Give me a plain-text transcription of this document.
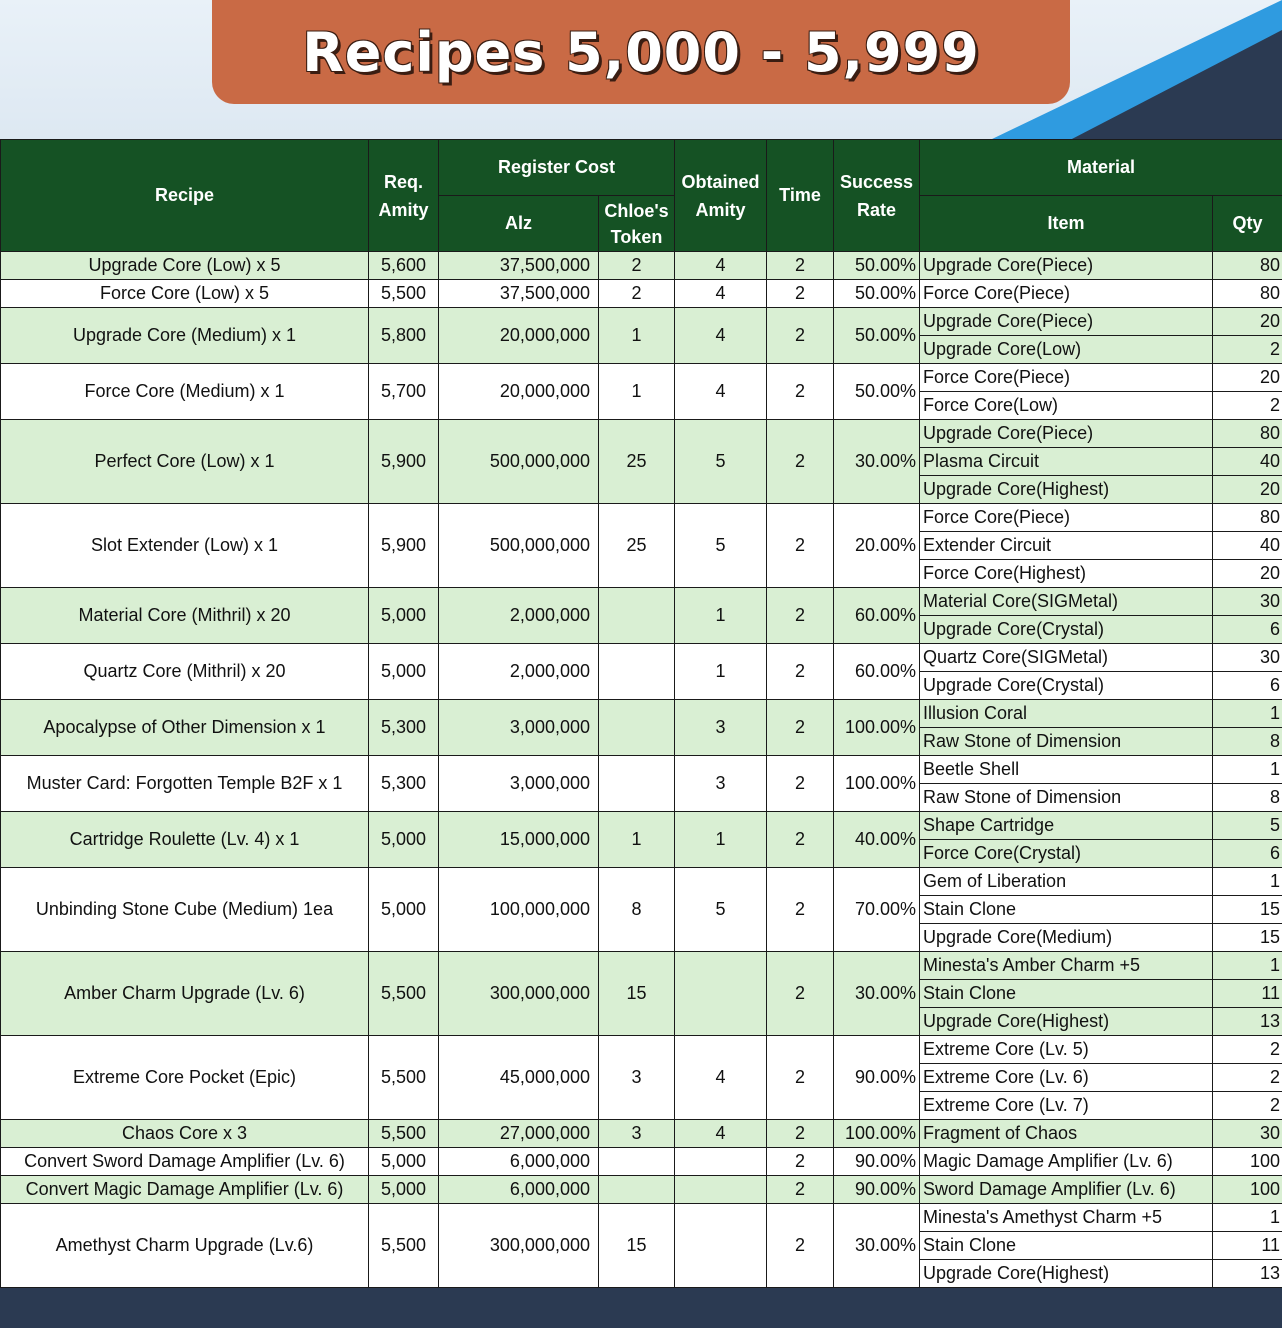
Recipes 5,000 - 5,999
Recipe	Req. Amity	Register Cost		Obtained Amity	Time	Success Rate	Material	
		Alz	Chloe's Token				Item	Qty
Upgrade Core (Low) x 5	5,600	37,500,000	2	4	2	50.00%	Upgrade Core(Piece)	80
Force Core (Low) x 5	5,500	37,500,000	2	4	2	50.00%	Force Core(Piece)	80
Upgrade Core (Medium) x 1	5,800	20,000,000	1	4	2	50.00%	Upgrade Core(Piece)	20
							Upgrade Core(Low)	2
Force Core (Medium) x 1	5,700	20,000,000	1	4	2	50.00%	Force Core(Piece)	20
							Force Core(Low)	2
Perfect Core (Low) x 1	5,900	500,000,000	25	5	2	30.00%	Upgrade Core(Piece)	80
							Plasma Circuit	40
							Upgrade Core(Highest)	20
Slot Extender (Low) x 1	5,900	500,000,000	25	5	2	20.00%	Force Core(Piece)	80
							Extender Circuit	40
							Force Core(Highest)	20
Material Core (Mithril) x 20	5,000	2,000,000		1	2	60.00%	Material Core(SIGMetal)	30
							Upgrade Core(Crystal)	6
Quartz Core (Mithril) x 20	5,000	2,000,000		1	2	60.00%	Quartz Core(SIGMetal)	30
							Upgrade Core(Crystal)	6
Apocalypse of Other Dimension x 1	5,300	3,000,000		3	2	100.00%	Illusion Coral	1
							Raw Stone of Dimension	8
Muster Card: Forgotten Temple B2F x 1	5,300	3,000,000		3	2	100.00%	Beetle Shell	1
							Raw Stone of Dimension	8
Cartridge Roulette (Lv. 4) x 1	5,000	15,000,000	1	1	2	40.00%	Shape Cartridge	5
							Force Core(Crystal)	6
Unbinding Stone Cube (Medium) 1ea	5,000	100,000,000	8	5	2	70.00%	Gem of Liberation	1
							Stain Clone	15
							Upgrade Core(Medium)	15
Amber Charm Upgrade (Lv. 6)	5,500	300,000,000	15		2	30.00%	Minesta's Amber Charm +5	1
							Stain Clone	11
							Upgrade Core(Highest)	13
Extreme Core Pocket (Epic)	5,500	45,000,000	3	4	2	90.00%	Extreme Core (Lv. 5)	2
							Extreme Core (Lv. 6)	2
							Extreme Core (Lv. 7)	2
Chaos Core x 3	5,500	27,000,000	3	4	2	100.00%	Fragment of Chaos	30
Convert Sword Damage Amplifier (Lv. 6)	5,000	6,000,000			2	90.00%	Magic Damage Amplifier (Lv. 6)	100
Convert Magic Damage Amplifier (Lv. 6)	5,000	6,000,000			2	90.00%	Sword Damage Amplifier (Lv. 6)	100
Amethyst Charm Upgrade (Lv.6)	5,500	300,000,000	15		2	30.00%	Minesta's Amethyst Charm +5	1
							Stain Clone	11
							Upgrade Core(Highest)	13
